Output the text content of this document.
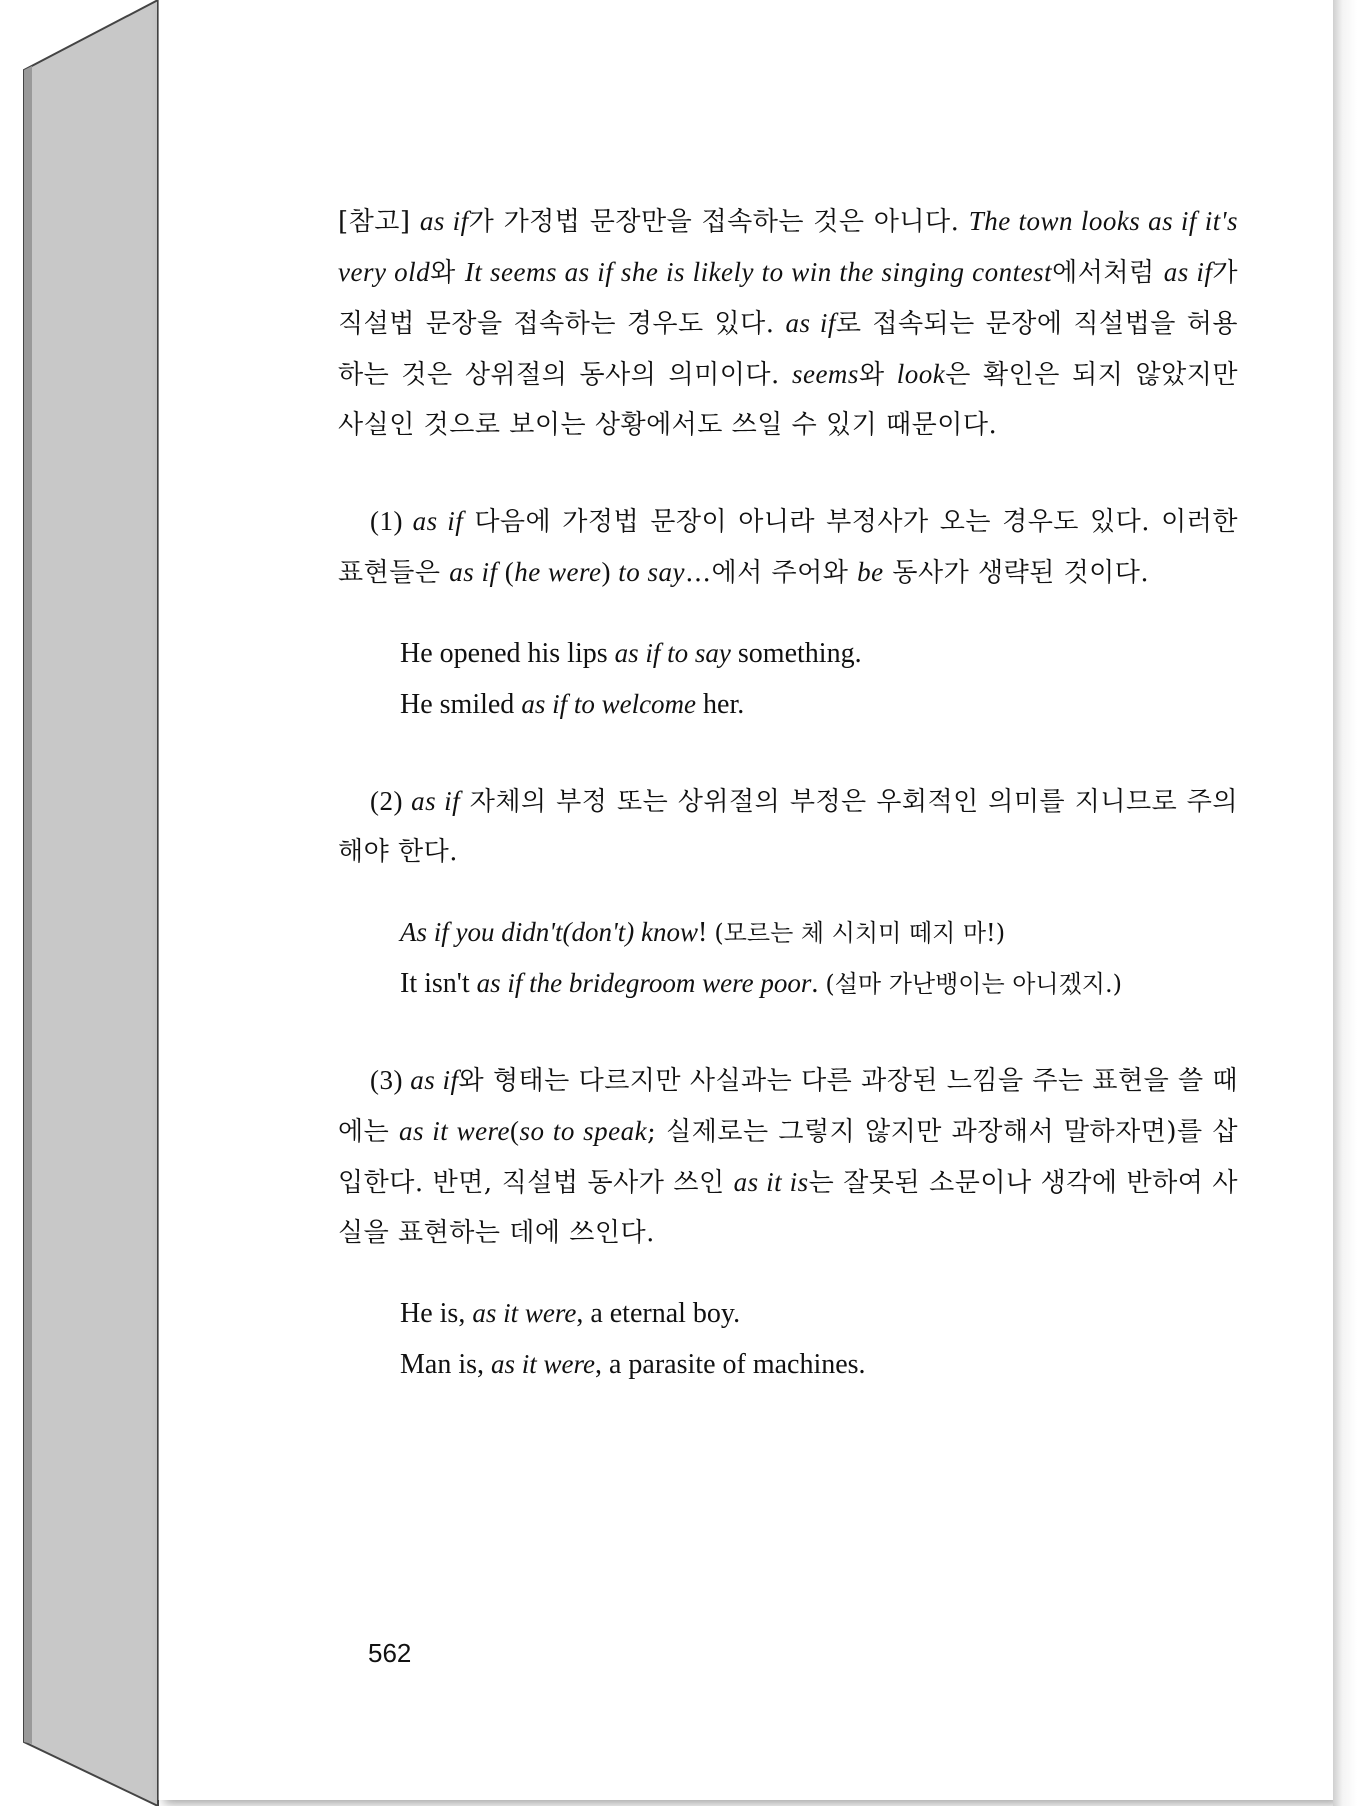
[참고] as if가 가정법 문장만을 접속하는 것은 아니다. The town looks as if it's very old와 It seems as if she is likely to win the singing contest에서처럼 as if가 직설법 문장을 접속하는 경우도 있다. as if로 접속되는 문장에 직설법을 허용하는 것은 상위절의 동사의 의미이다. seems와 look은 확인은 되지 않았지만 사실인 것으로 보이는 상황에서도 쓰일 수 있기 때문이다.

(1) as if 다음에 가정법 문장이 아니라 부정사가 오는 경우도 있다. 이러한 표현들은 as if (he were) to say…에서 주어와 be 동사가 생략된 것이다.

He opened his lips as if to say something.

He smiled as if to welcome her.

(2) as if 자체의 부정 또는 상위절의 부정은 우회적인 의미를 지니므로 주의해야 한다.

As if you didn't(don't) know! (모르는 체 시치미 떼지 마!)

It isn't as if the bridegroom were poor. (설마 가난뱅이는 아니겠지.)

(3) as if와 형태는 다르지만 사실과는 다른 과장된 느낌을 주는 표현을 쓸 때에는 as it were(so to speak; 실제로는 그렇지 않지만 과장해서 말하자면)를 삽입한다. 반면, 직설법 동사가 쓰인 as it is는 잘못된 소문이나 생각에 반하여 사실을 표현하는 데에 쓰인다.

He is, as it were, a eternal boy.

Man is, as it were, a parasite of machines.

562
